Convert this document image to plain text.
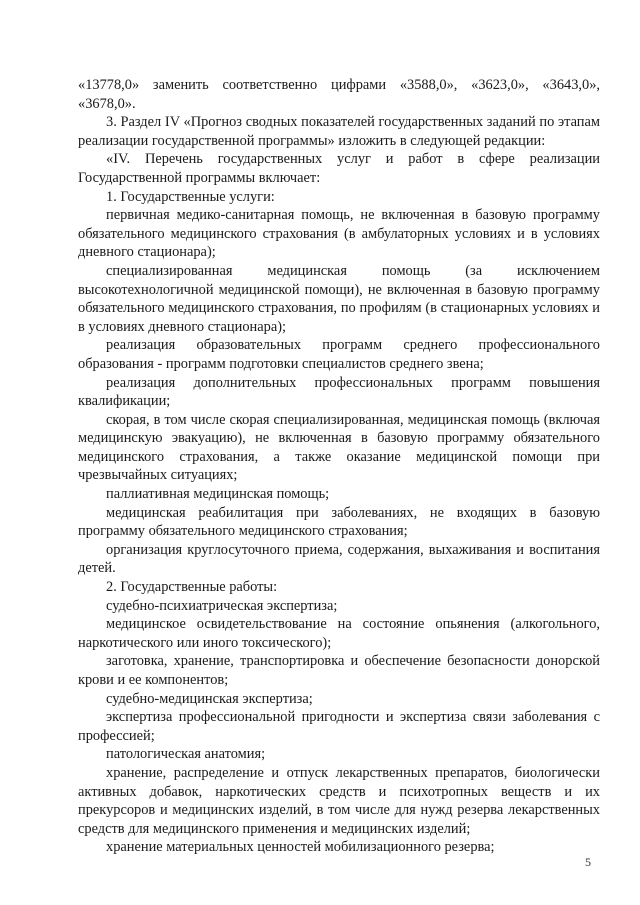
«13778,0» заменить соответственно цифрами «3588,0», «3623,0», «3643,0», «3678,0».

3. Раздел IV «Прогноз сводных показателей государственных заданий по этапам реализации государственной программы» изложить в следующей редакции:

«IV. Перечень государственных услуг и работ в сфере реализации Государственной программы включает:

1. Государственные услуги:

первичная медико-санитарная помощь, не включенная в базовую программу обязательного медицинского страхования (в амбулаторных условиях и в условиях дневного стационара);

специализированная медицинская помощь (за исключением высокотехнологичной медицинской помощи), не включенная в базовую программу обязательного медицинского страхования, по профилям (в стационарных условиях и в условиях дневного стационара);

реализация образовательных программ среднего профессионального образования - программ подготовки специалистов среднего звена;

реализация дополнительных профессиональных программ повышения квалификации;

скорая, в том числе скорая специализированная, медицинская помощь (включая медицинскую эвакуацию), не включенная в базовую программу обязательного медицинского страхования, а также оказание медицинской помощи при чрезвычайных ситуациях;

паллиативная медицинская помощь;

медицинская реабилитация при заболеваниях, не входящих в базовую программу обязательного медицинского страхования;

организация круглосуточного приема, содержания, выхаживания и воспитания детей.

2. Государственные работы:

судебно-психиатрическая экспертиза;

медицинское освидетельствование на состояние опьянения (алкогольного, наркотического или иного токсического);

заготовка, хранение, транспортировка и обеспечение безопасности донорской крови и ее компонентов;

судебно-медицинская экспертиза;

экспертиза профессиональной пригодности и экспертиза связи заболевания с профессией;

патологическая анатомия;

хранение, распределение и отпуск лекарственных препаратов, биологически активных добавок, наркотических средств и психотропных веществ и их прекурсоров и медицинских изделий, в том числе для нужд резерва лекарственных средств для медицинского применения и медицинских изделий;

хранение материальных ценностей мобилизационного резерва;

5
